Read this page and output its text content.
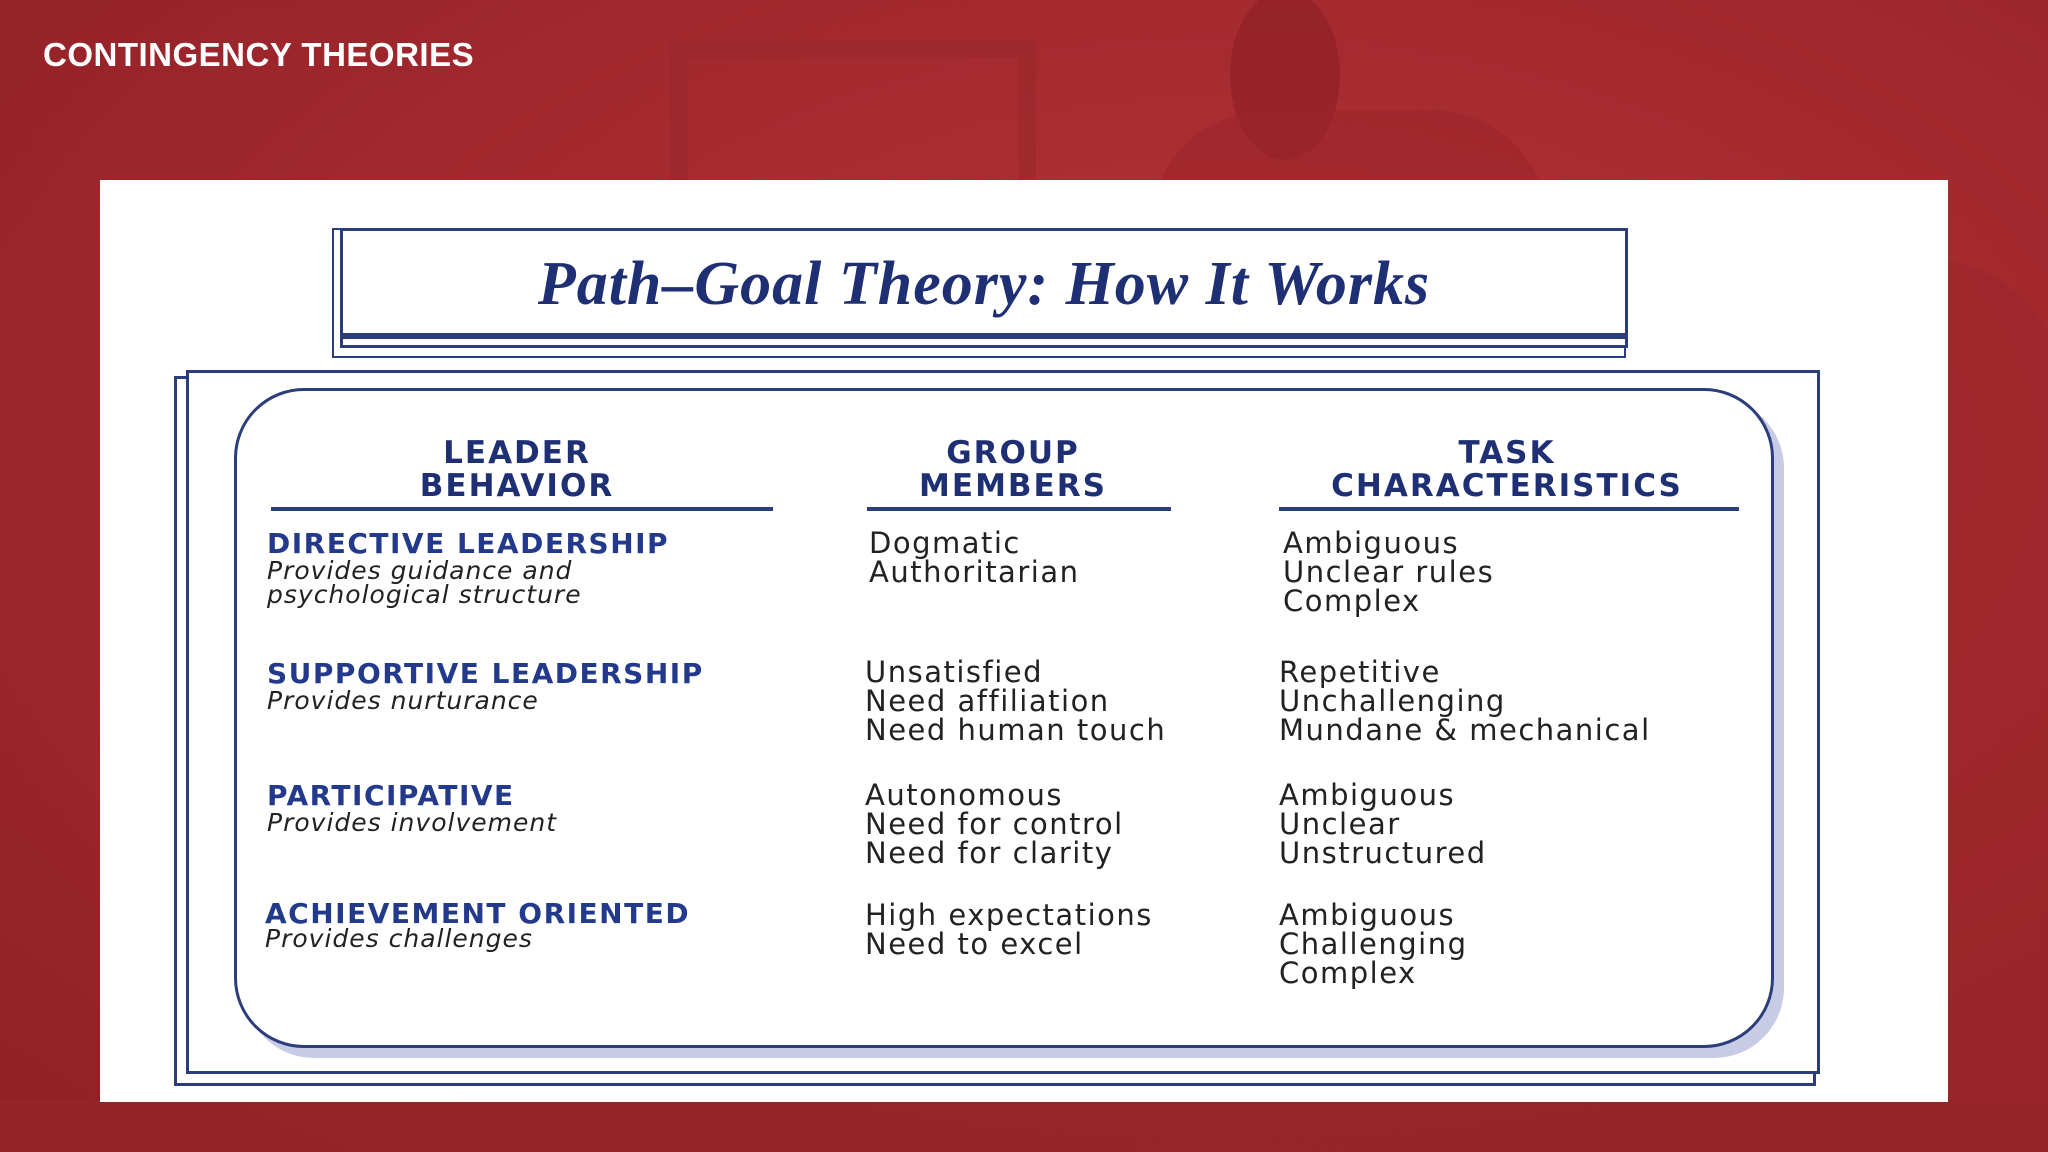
CONTINGENCY THEORIES
Path–Goal Theory: How It Works
LEADER
BEHAVIOR
GROUP
MEMBERS
TASK
CHARACTERISTICS
DIRECTIVE LEADERSHIP
Provides guidance and
psychological structure
Dogmatic
Authoritarian
Ambiguous
Unclear rules
Complex
SUPPORTIVE LEADERSHIP
Provides nurturance
Unsatisfied
Need affiliation
Need human touch
Repetitive
Unchallenging
Mundane & mechanical
PARTICIPATIVE
Provides involvement
Autonomous
Need for control
Need for clarity
Ambiguous
Unclear
Unstructured
ACHIEVEMENT ORIENTED
Provides challenges
High expectations
Need to excel
Ambiguous
Challenging
Complex
